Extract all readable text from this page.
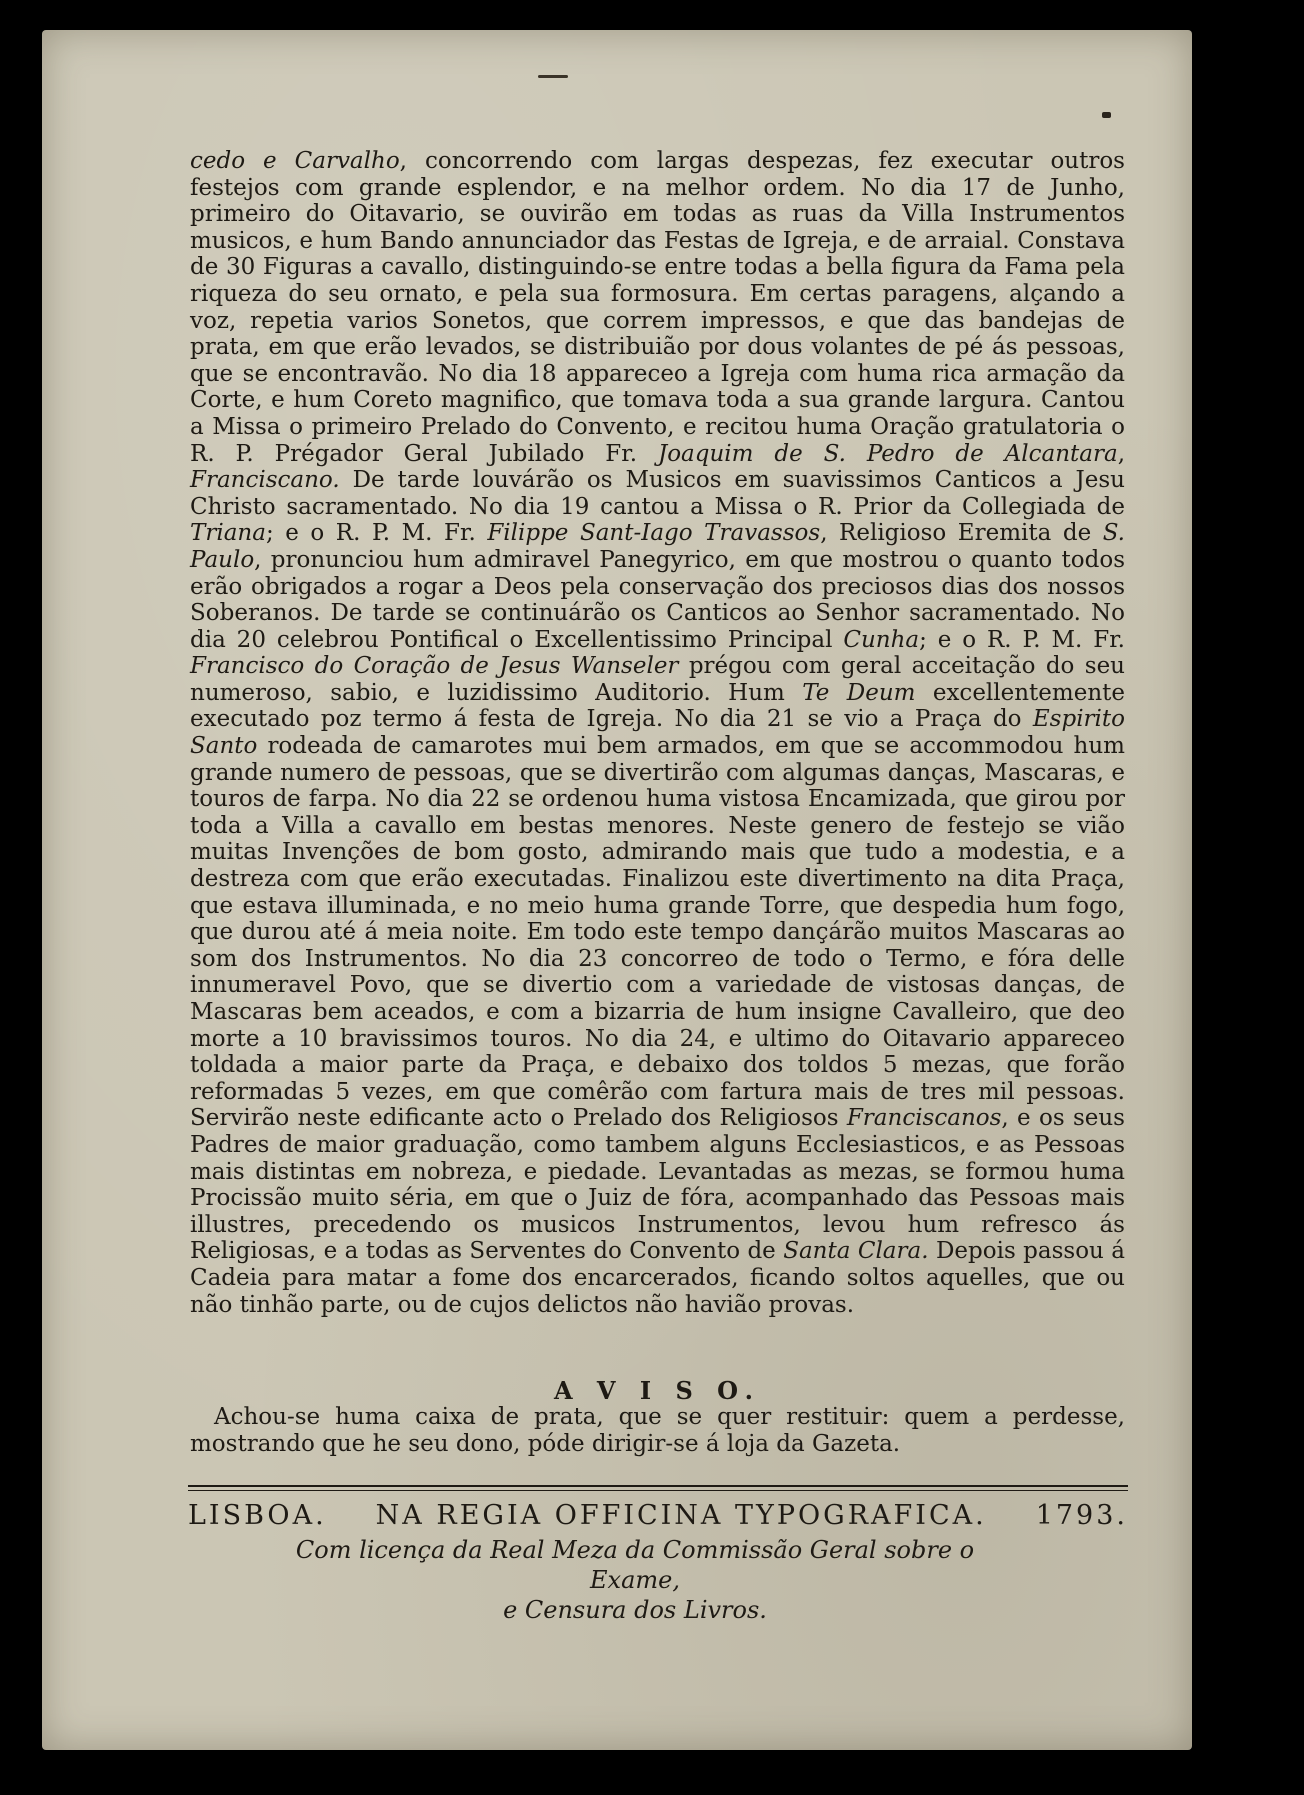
cedo e Carvalho, concorrendo com largas despezas, fez executar outros festejos com grande esplendor, e na melhor ordem. No dia 17 de Junho, primeiro do Oitavario, se ouvirão em todas as ruas da Villa Instrumentos musicos, e hum Bando annunciador das Festas de Igreja, e de arraial. Constava de 30 Figuras a cavallo, distinguindo-se entre todas a bella figura da Fama pela riqueza do seu ornato, e pela sua formosura. Em certas paragens, alçando a voz, repetia varios Sonetos, que correm impressos, e que das bandejas de prata, em que erão levados, se distribuião por dous volantes de pé ás pessoas, que se encontravão. No dia 18 appareceo a Igreja com huma rica armação da Corte, e hum Coreto magnifico, que tomava toda a sua grande largura. Cantou a Missa o primeiro Prelado do Convento, e recitou huma Oração gratulatoria o R. P. Prégador Geral Jubilado Fr. Joaquim de S. Pedro de Alcantara, Franciscano. De tarde louvárão os Musicos em suavissimos Canticos a Jesu Christo sacramentado. No dia 19 cantou a Missa o R. Prior da Collegiada de Triana; e o R. P. M. Fr. Filippe Sant-Iago Travassos, Religioso Eremita de S. Paulo, pronunciou hum admiravel Panegyrico, em que mostrou o quanto todos erão obrigados a rogar a Deos pela conservação dos preciosos dias dos nossos Soberanos. De tarde se continuárão os Canticos ao Senhor sacramentado. No dia 20 celebrou Pontifical o Excellentissimo Principal Cunha; e o R. P. M. Fr. Francisco do Coração de Jesus Wanseler prégou com geral acceitação do seu numeroso, sabio, e luzidissimo Auditorio. Hum Te Deum excellentemente executado poz termo á festa de Igreja. No dia 21 se vio a Praça do Espirito Santo rodeada de camarotes mui bem armados, em que se accommodou hum grande numero de pessoas, que se divertirão com algumas danças, Mascaras, e touros de farpa. No dia 22 se ordenou huma vistosa Encamizada, que girou por toda a Villa a cavallo em bestas menores. Neste genero de festejo se vião muitas Invenções de bom gosto, admirando mais que tudo a modestia, e a destreza com que erão executadas. Finalizou este divertimento na dita Praça, que estava illuminada, e no meio huma grande Torre, que despedia hum fogo, que durou até á meia noite. Em todo este tempo dançárão muitos Mascaras ao som dos Instrumentos. No dia 23 concorreo de todo o Termo, e fóra delle innumeravel Povo, que se divertio com a variedade de vistosas danças, de Mascaras bem aceados, e com a bizarria de hum insigne Cavalleiro, que deo morte a 10 bravissimos touros. No dia 24, e ultimo do Oitavario appareceo toldada a maior parte da Praça, e debaixo dos toldos 5 mezas, que forão reformadas 5 vezes, em que comêrão com fartura mais de tres mil pessoas. Servirão neste edificante acto o Prelado dos Religiosos Franciscanos, e os seus Padres de maior graduação, como tambem alguns Ecclesiasticos, e as Pessoas mais distintas em nobreza, e piedade. Levantadas as mezas, se formou huma Procissão muito séria, em que o Juiz de fóra, acompanhado das Pessoas mais illustres, precedendo os musicos Instrumentos, levou hum refresco ás Religiosas, e a todas as Serventes do Convento de Santa Clara. Depois passou á Cadeia para matar a fome dos encarcerados, ficando soltos aquelles, que ou não tinhão parte, ou de cujos delictos não havião provas.

A V I S O.

Achou-se huma caixa de prata, que se quer restituir: quem a perdesse, mostrando que he seu dono, póde dirigir-se á loja da Gazeta.

LISBOA. NA REGIA OFFICINA TYPOGRAFICA. 1793.

Com licença da Real Meza da Commissão Geral sobre o Exame,
e Censura dos Livros.
